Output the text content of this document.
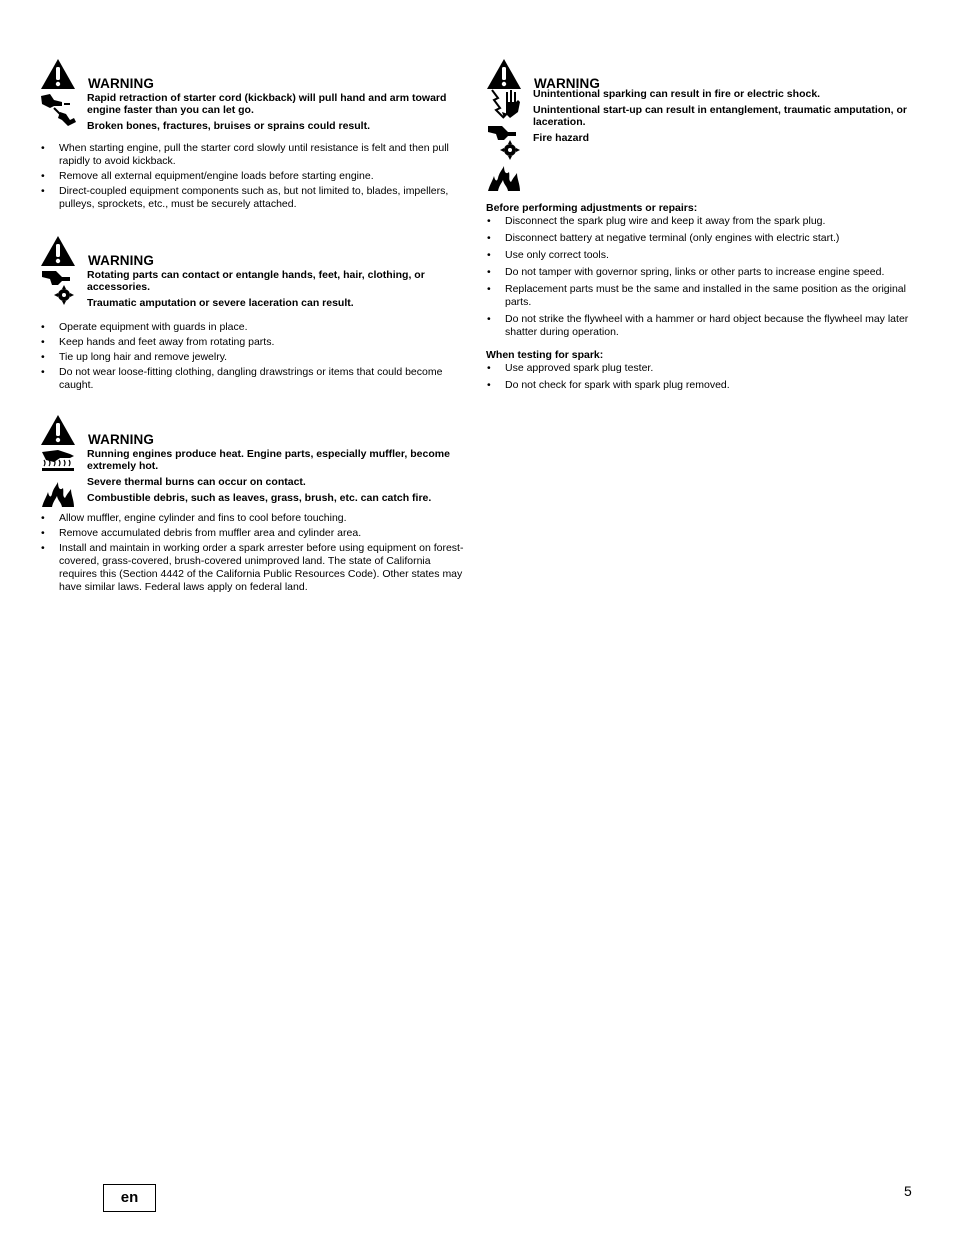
WARNING

Rapid retraction of starter cord (kickback) will pull hand and arm toward engine faster than you can let go.

Broken bones, fractures, bruises or sprains could result.

• When starting engine, pull the starter cord slowly until resistance is felt and then pull rapidly to avoid kickback.
• Remove all external equipment/engine loads before starting engine.
• Direct-coupled equipment components such as, but not limited to, blades, impellers, pulleys, sprockets, etc., must be securely attached.
WARNING

Rotating parts can contact or entangle hands, feet, hair, clothing, or accessories.

Traumatic amputation or severe laceration can result.

• Operate equipment with guards in place.
• Keep hands and feet away from rotating parts.
• Tie up long hair and remove jewelry.
• Do not wear loose-fitting clothing, dangling drawstrings or items that could become caught.
WARNING

Running engines produce heat. Engine parts, especially muffler, become extremely hot.

Severe thermal burns can occur on contact.

Combustible debris, such as leaves, grass, brush, etc. can catch fire.

• Allow muffler, engine cylinder and fins to cool before touching.
• Remove accumulated debris from muffler area and cylinder area.
• Install and maintain in working order a spark arrester before using equipment on forest-covered, grass-covered, brush-covered unimproved land. The state of California requires this (Section 4442 of the California Public Resources Code). Other states may have similar laws. Federal laws apply on federal land.
WARNING

Unintentional sparking can result in fire or electric shock.

Unintentional start-up can result in entanglement, traumatic amputation, or laceration.

Fire hazard

Before performing adjustments or repairs:

• Disconnect the spark plug wire and keep it away from the spark plug.
• Disconnect battery at negative terminal (only engines with electric start.)
• Use only correct tools.
• Do not tamper with governor spring, links or other parts to increase engine speed.
• Replacement parts must be the same and installed in the same position as the original parts.
• Do not strike the flywheel with a hammer or hard object because the flywheel may later shatter during operation.

When testing for spark:

• Use approved spark plug tester.
• Do not check for spark with spark plug removed.
en	5
